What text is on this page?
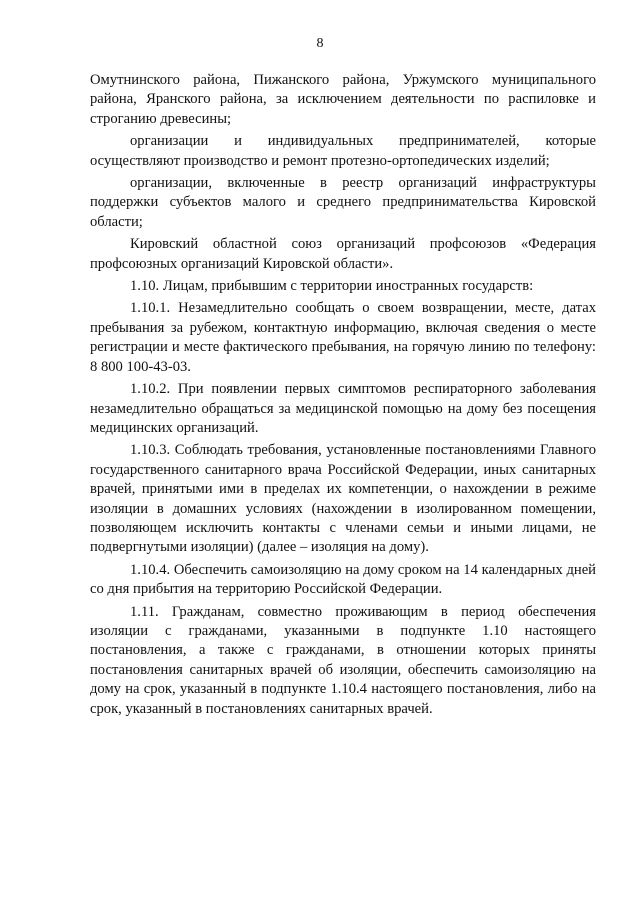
8

Омутнинского района, Пижанского района, Уржумского муниципального района, Яранского района, за исключением деятельности по распиловке и строганию древесины;

организации и индивидуальных предпринимателей, которые осуществляют производство и ремонт протезно-ортопедических изделий;

организации, включенные в реестр организаций инфраструктуры поддержки субъектов малого и среднего предпринимательства Кировской области;

Кировский областной союз организаций профсоюзов «Федерация профсоюзных организаций Кировской области».

1.10. Лицам, прибывшим с территории иностранных государств:

1.10.1. Незамедлительно сообщать о своем возвращении, месте, датах пребывания за рубежом, контактную информацию, включая сведения о месте регистрации и месте фактического пребывания, на горячую линию по телефону: 8 800 100-43-03.

1.10.2. При появлении первых симптомов респираторного заболевания незамедлительно обращаться за медицинской помощью на дому без посещения медицинских организаций.

1.10.3. Соблюдать требования, установленные постановлениями Главного государственного санитарного врача Российской Федерации, иных санитарных врачей, принятыми ими в пределах их компетенции, о нахождении в режиме изоляции в домашних условиях (нахождении в изолированном помещении, позволяющем исключить контакты с членами семьи и иными лицами, не подвергнутыми изоляции) (далее – изоляция на дому).

1.10.4. Обеспечить самоизоляцию на дому сроком на 14 календарных дней со дня прибытия на территорию Российской Федерации.

1.11. Гражданам, совместно проживающим в период обеспечения изоляции с гражданами, указанными в подпункте 1.10 настоящего постановления, а также с гражданами, в отношении которых приняты постановления санитарных врачей об изоляции, обеспечить самоизоляцию на дому на срок, указанный в подпункте 1.10.4 настоящего постановления, либо на срок, указанный в постановлениях санитарных врачей.
